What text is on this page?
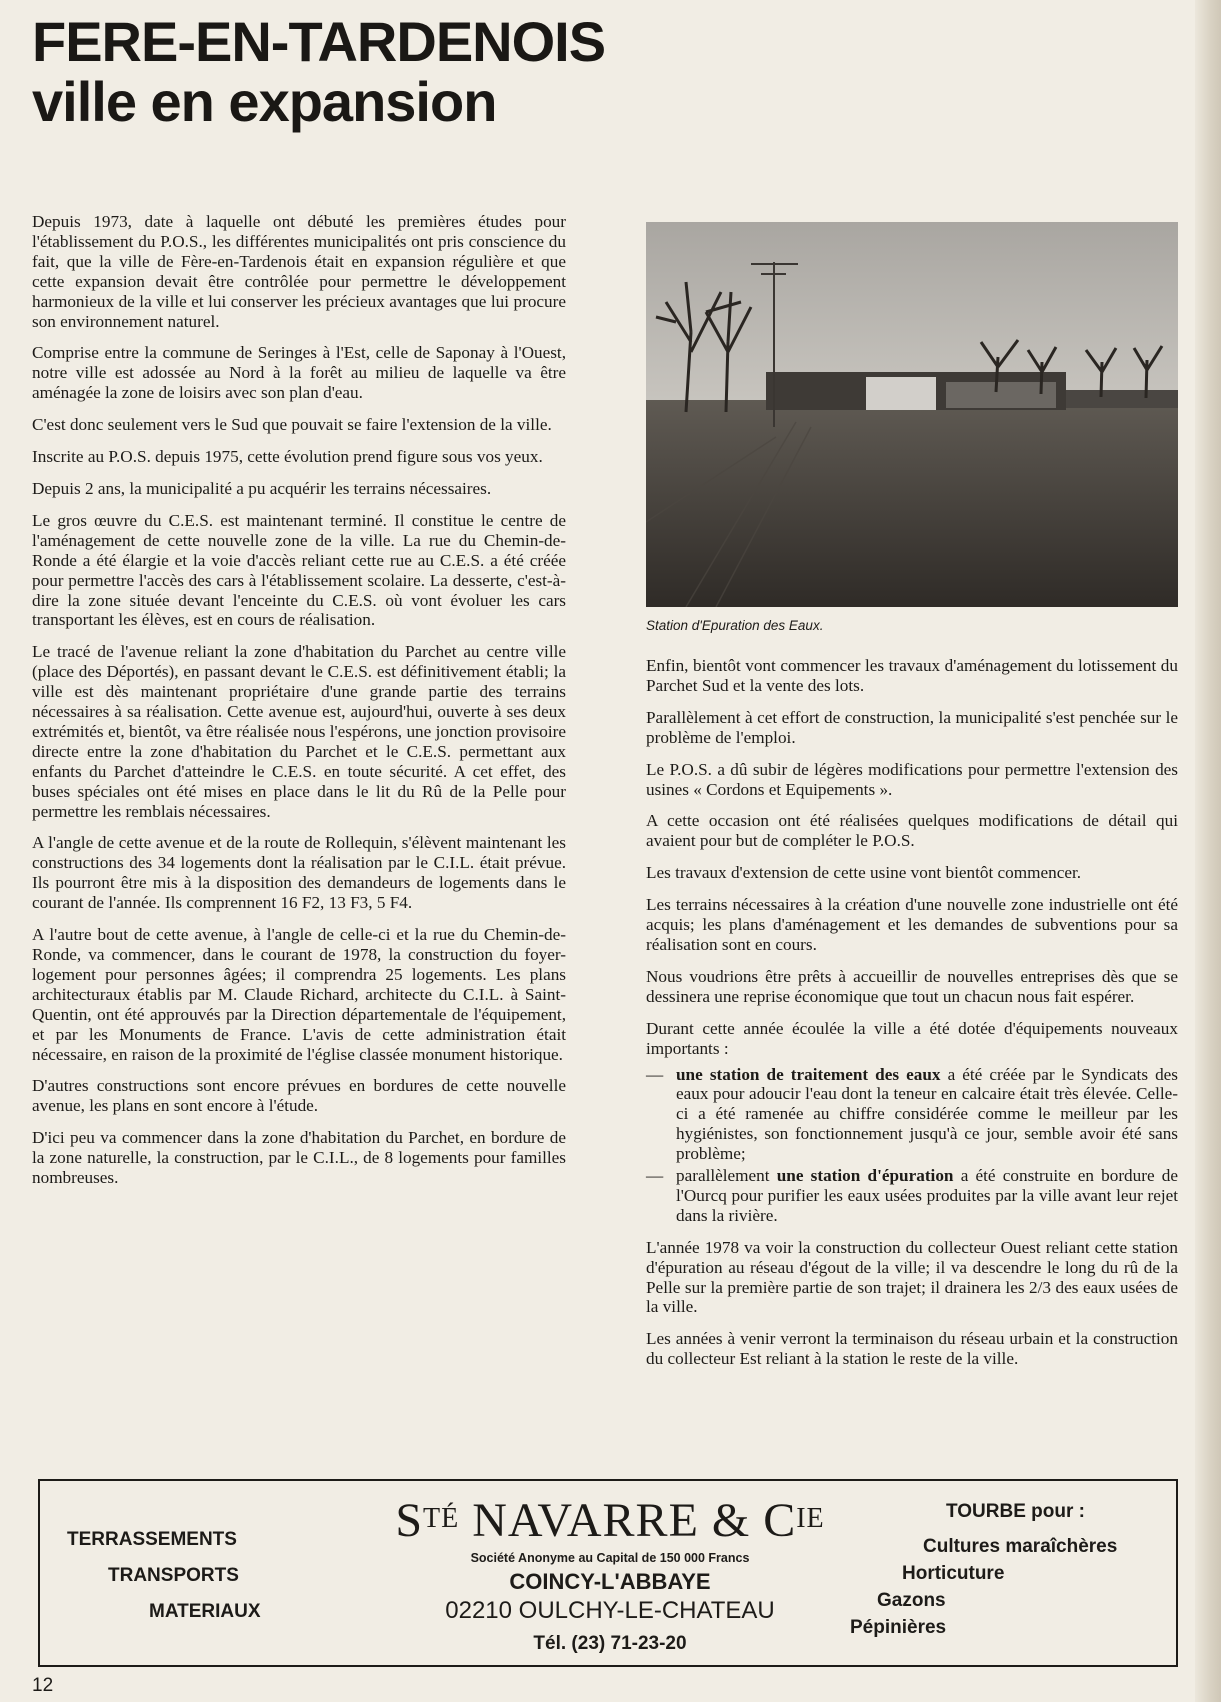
FERE-EN-TARDENOIS
ville en expansion

Depuis 1973, date à laquelle ont débuté les premières études pour l'établissement du P.O.S., les différentes municipalités ont pris conscience du fait, que la ville de Fère-en-Tardenois était en expansion régulière et que cette expansion devait être contrôlée pour permettre le développement harmonieux de la ville et lui conserver les précieux avantages que lui procure son environnement naturel.

Comprise entre la commune de Seringes à l'Est, celle de Saponay à l'Ouest, notre ville est adossée au Nord à la forêt au milieu de laquelle va être aménagée la zone de loisirs avec son plan d'eau.

C'est donc seulement vers le Sud que pouvait se faire l'extension de la ville.

Inscrite au P.O.S. depuis 1975, cette évolution prend figure sous vos yeux.

Depuis 2 ans, la municipalité a pu acquérir les terrains nécessaires.

Le gros œuvre du C.E.S. est maintenant terminé. Il constitue le centre de l'aménagement de cette nouvelle zone de la ville. La rue du Chemin-de-Ronde a été élargie et la voie d'accès reliant cette rue au C.E.S. a été créée pour permettre l'accès des cars à l'établissement scolaire. La desserte, c'est-à-dire la zone située devant l'enceinte du C.E.S. où vont évoluer les cars transportant les élèves, est en cours de réalisation.

Le tracé de l'avenue reliant la zone d'habitation du Parchet au centre ville (place des Déportés), en passant devant le C.E.S. est définitivement établi; la ville est dès maintenant propriétaire d'une grande partie des terrains nécessaires à sa réalisation. Cette avenue est, aujourd'hui, ouverte à ses deux extrémités et, bientôt, va être réalisée nous l'espérons, une jonction provisoire directe entre la zone d'habitation du Parchet et le C.E.S. permettant aux enfants du Parchet d'atteindre le C.E.S. en toute sécurité. A cet effet, des buses spéciales ont été mises en place dans le lit du Rû de la Pelle pour permettre les remblais nécessaires.

A l'angle de cette avenue et de la route de Rollequin, s'élèvent maintenant les constructions des 34 logements dont la réalisation par le C.I.L. était prévue. Ils pourront être mis à la disposition des demandeurs de logements dans le courant de l'année. Ils comprennent 16 F2, 13 F3, 5 F4.

A l'autre bout de cette avenue, à l'angle de celle-ci et la rue du Chemin-de-Ronde, va commencer, dans le courant de 1978, la construction du foyer-logement pour personnes âgées; il comprendra 25 logements. Les plans architecturaux établis par M. Claude Richard, architecte du C.I.L. à Saint-Quentin, ont été approuvés par la Direction départementale de l'équipement, et par les Monuments de France. L'avis de cette administration était nécessaire, en raison de la proximité de l'église classée monument historique.

D'autres constructions sont encore prévues en bordures de cette nouvelle avenue, les plans en sont encore à l'étude.

D'ici peu va commencer dans la zone d'habitation du Parchet, en bordure de la zone naturelle, la construction, par le C.I.L., de 8 logements pour familles nombreuses.

Station d'Epuration des Eaux.

Enfin, bientôt vont commencer les travaux d'aménagement du lotissement du Parchet Sud et la vente des lots.

Parallèlement à cet effort de construction, la municipalité s'est penchée sur le problème de l'emploi.

Le P.O.S. a dû subir de légères modifications pour permettre l'extension des usines « Cordons et Equipements ».

A cette occasion ont été réalisées quelques modifications de détail qui avaient pour but de compléter le P.O.S.

Les travaux d'extension de cette usine vont bientôt commencer.

Les terrains nécessaires à la création d'une nouvelle zone industrielle ont été acquis; les plans d'aménagement et les demandes de subventions pour sa réalisation sont en cours.

Nous voudrions être prêts à accueillir de nouvelles entreprises dès que se dessinera une reprise économique que tout un chacun nous fait espérer.

Durant cette année écoulée la ville a été dotée d'équipements nouveaux importants :

— une station de traitement des eaux a été créée par le Syndicats des eaux pour adoucir l'eau dont la teneur en calcaire était très élevée. Celle-ci a été ramenée au chiffre considérée comme le meilleur par les hygiénistes, son fonctionnement jusqu'à ce jour, semble avoir été sans problème;
— parallèlement une station d'épuration a été construite en bordure de l'Ourcq pour purifier les eaux usées produites par la ville avant leur rejet dans la rivière.

L'année 1978 va voir la construction du collecteur Ouest reliant cette station d'épuration au réseau d'égout de la ville; il va descendre le long du rû de la Pelle sur la première partie de son trajet; il drainera les 2/3 des eaux usées de la ville.

Les années à venir verront la terminaison du réseau urbain et la construction du collecteur Est reliant à la station le reste de la ville.

TERRASSEMENTS
TRANSPORTS
MATERIAUX
$S^{TÉ}$ NAVARRE & $C^{IE}$
Société Anonyme au Capital de 150 000 Francs
COINCY-L'ABBAYE
02210 OULCHY-LE-CHATEAU
Tél. (23) 71-23-20
TOURBE pour :
Cultures maraîchères
Horticuture
Gazons
Pépinières
12
